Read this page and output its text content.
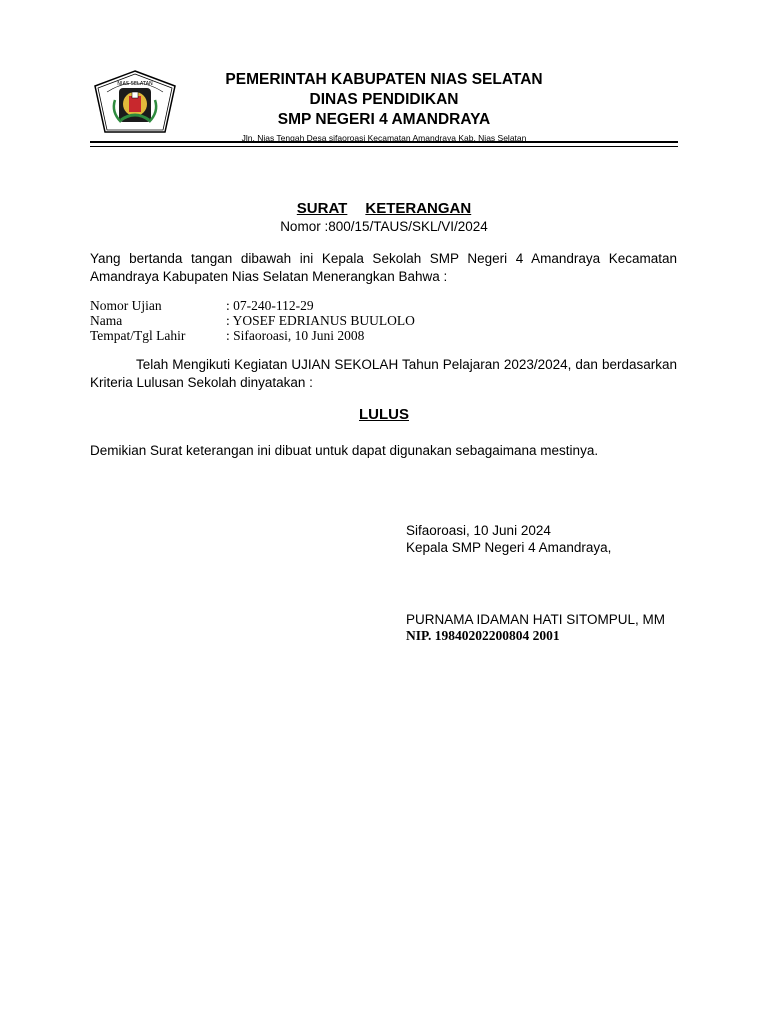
NIAS SELATAN	PEMERINTAH KABUPATEN NIAS SELATAN
DINAS PENDIDIKAN
SMP NEGERI 4 AMANDRAYA
Jln. Nias Tengah Desa sifaoroasi Kecamatan Amandraya Kab. Nias Selatan
SURAT KETERANGAN
Nomor :800/15/TAUS/SKL/VI/2024
Yang bertanda tangan dibawah ini Kepala Sekolah SMP Negeri 4 Amandraya Kecamatan Amandraya Kabupaten Nias Selatan Menerangkan Bahwa :
Nomor Ujian	: 07-240-112-29
Nama	: YOSEF EDRIANUS BUULOLO
Tempat/Tgl Lahir	: Sifaoroasi, 10 Juni 2008
Telah Mengikuti Kegiatan UJIAN SEKOLAH Tahun Pelajaran 2023/2024, dan berdasarkan Kriteria Lulusan Sekolah dinyatakan :
LULUS
Demikian Surat keterangan ini dibuat untuk dapat digunakan sebagaimana mestinya.
Sifaoroasi, 10 Juni 2024
Kepala SMP Negeri 4 Amandraya,
PURNAMA IDAMAN HATI SITOMPUL, MM
NIP. 19840202200804 2001
